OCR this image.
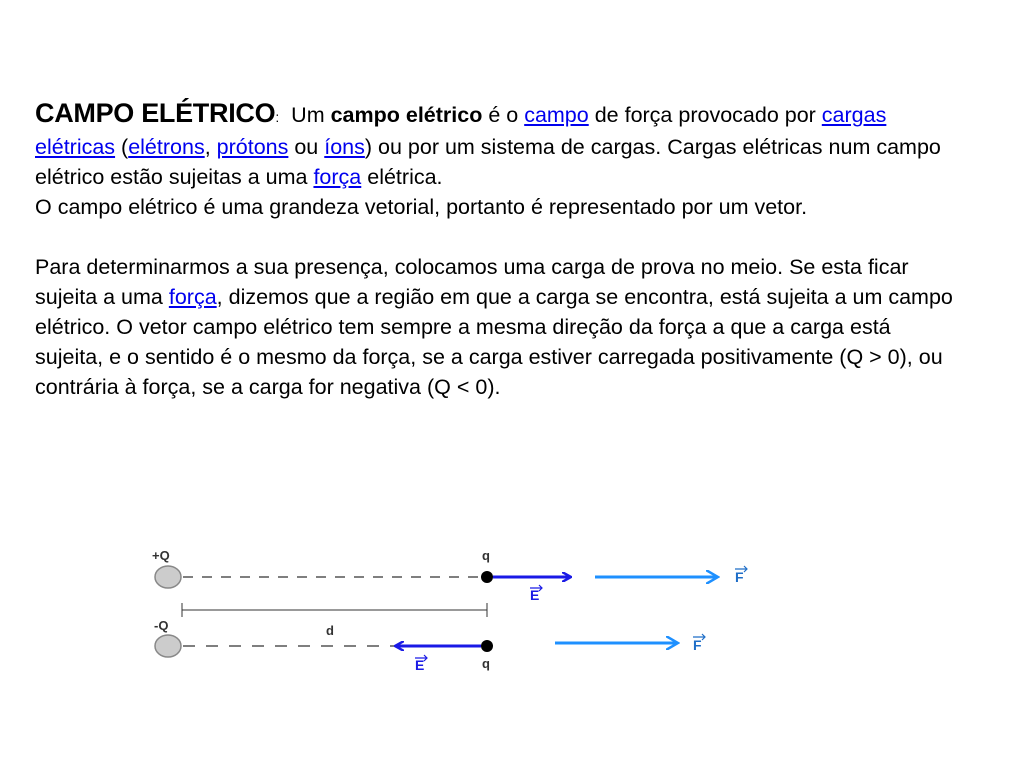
CAMPO ELÉTRICO: Um campo elétrico é o campo de força provocado por cargas elétricas (elétrons, prótons ou íons) ou por um sistema de cargas. Cargas elétricas num campo elétrico estão sujeitas a uma força elétrica.

O campo elétrico é uma grandeza vetorial, portanto é representado por um vetor.

Para determinarmos a sua presença, colocamos uma carga de prova no meio. Se esta ficar sujeita a uma força, dizemos que a região em que a carga se encontra, está sujeita a um campo elétrico. O vetor campo elétrico tem sempre a mesma direção da força a que a carga está sujeita, e o sentido é o mesmo da força, se a carga estiver carregada positivamente (Q > 0), ou contrária à força, se a carga for negativa (Q < 0).

+Q	q
E
F
d
-Q
E	q
F
